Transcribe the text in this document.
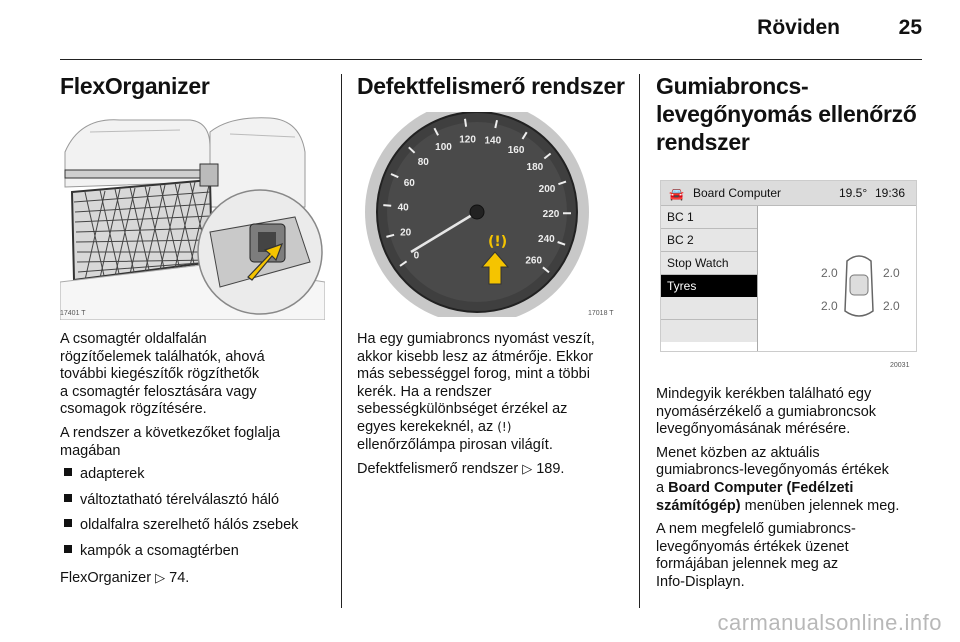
Röviden	25
FlexOrganizer
17401 T

A csomagtér oldalfalán
rögzítőelemek találhatók, ahová
további kiegészítők rögzíthetők
a csomagtér felosztására vagy
csomagok rögzítésére.

A rendszer a következőket foglalja
magában

adapterek
változtatható térelválasztó háló
oldalfalra szerelhető hálós zsebek
kampók a csomagtérben

FlexOrganizer ▷ 74.

Defektfelismerő rendszer
0
20
40
60
80
100
120 140
160
180
200
220
240
260
(!)
17018 T

Ha egy gumiabroncs nyomást veszít,
akkor kisebb lesz az átmérője. Ekkor
más sebességgel forog, mint a többi
kerék. Ha a rendszer
sebességkülönbséget érzékel az
egyes kerekeknél, az (!)
ellenőrzőlámpa pirosan világít.

Defektfelismerő rendszer ▷ 189.

Gumiabroncs-
levegőnyomás ellenőrző
rendszer
🚘 Board Computer	19.5° 19:36
BC 1
BC 2
Stop Watch
Tyres
2.0	2.0
2.0	2.0
20031

Mindegyik kerékben található egy
nyomásérzékelő a gumiabroncsok
levegőnyomásának mérésére.

Menet közben az aktuális
gumiabroncs-levegőnyomás értékek
a Board Computer (Fedélzeti
számítógép) menüben jelennek meg.

A nem megfelelő gumiabroncs-
levegőnyomás értékek üzenet
formájában jelennek meg az
Info-Displayn.

carmanualsonline.info
